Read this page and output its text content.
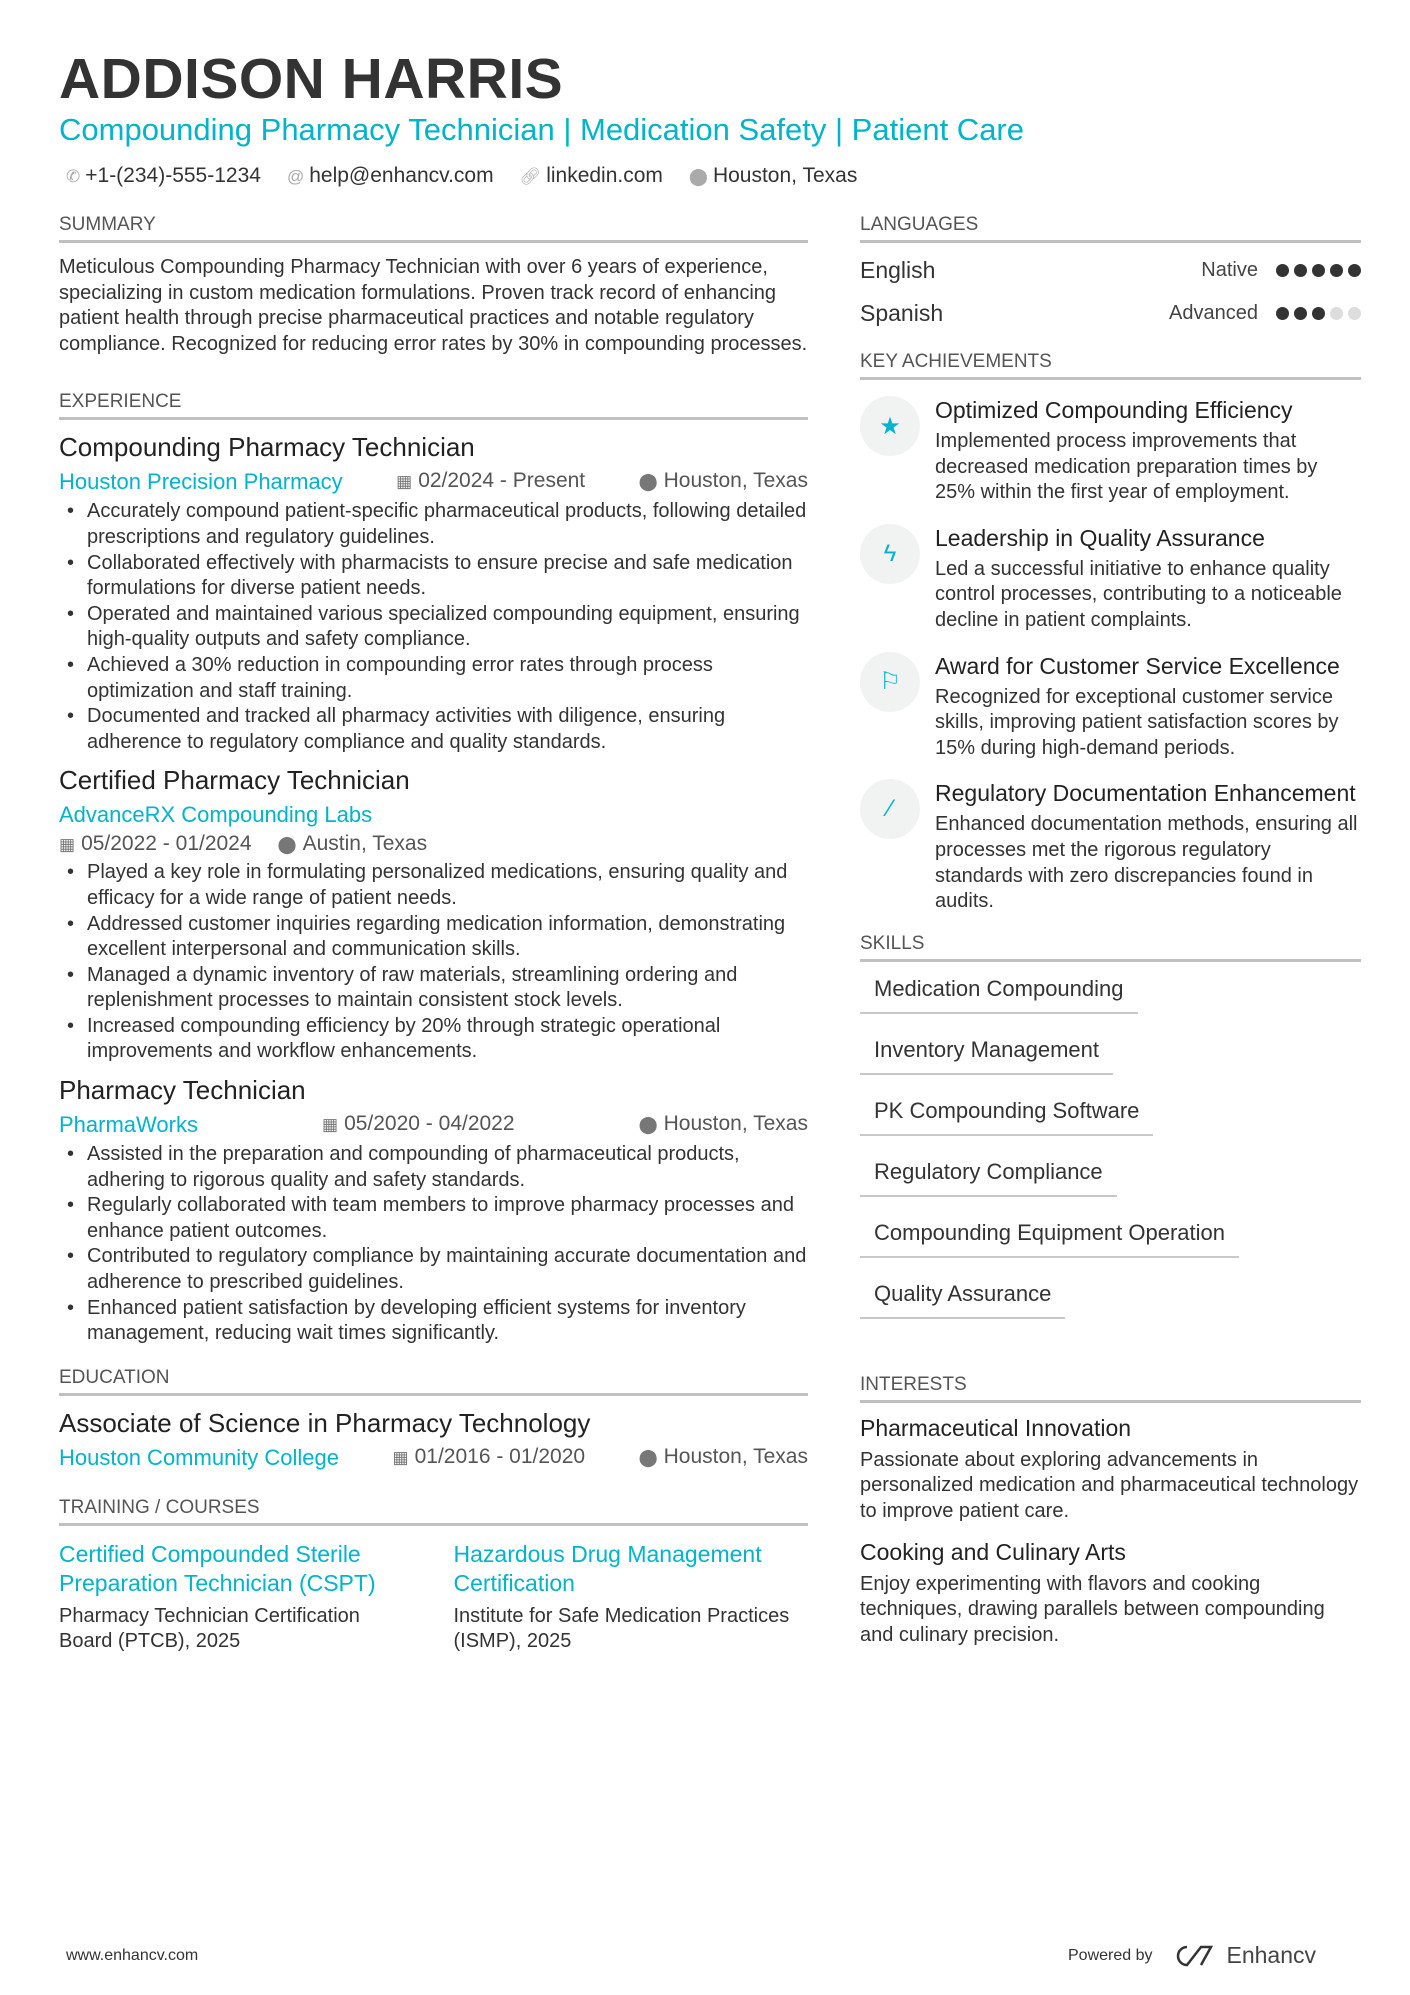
ADDISON HARRIS
Compounding Pharmacy Technician | Medication Safety | Patient Care
✆ +1-(234)-555-1234 @ help@enhancv.com 🔗︎ linkedin.com ⬤ Houston, Texas
SUMMARY

Meticulous Compounding Pharmacy Technician with over 6 years of experience, specializing in custom medication formulations. Proven track record of enhancing patient health through precise pharmaceutical practices and notable regulatory compliance. Recognized for reducing error rates by 30% in compounding processes.

EXPERIENCE
Compounding Pharmacy Technician
Houston Precision Pharmacy	▦ 02/2024 - Present	⬤ Houston, Texas
• Accurately compound patient-specific pharmaceutical products, following detailed prescriptions and regulatory guidelines.
• Collaborated effectively with pharmacists to ensure precise and safe medication formulations for diverse patient needs.
• Operated and maintained various specialized compounding equipment, ensuring high-quality outputs and safety compliance.
• Achieved a 30% reduction in compounding error rates through process optimization and staff training.
• Documented and tracked all pharmacy activities with diligence, ensuring adherence to regulatory compliance and quality standards.
Certified Pharmacy Technician
AdvanceRX Compounding Labs
▦ 05/2022 - 01/2024 ⬤ Austin, Texas
• Played a key role in formulating personalized medications, ensuring quality and efficacy for a wide range of patient needs.
• Addressed customer inquiries regarding medication information, demonstrating excellent interpersonal and communication skills.
• Managed a dynamic inventory of raw materials, streamlining ordering and replenishment processes to maintain consistent stock levels.
• Increased compounding efficiency by 20% through strategic operational improvements and workflow enhancements.
Pharmacy Technician
PharmaWorks	▦ 05/2020 - 04/2022	⬤ Houston, Texas
• Assisted in the preparation and compounding of pharmaceutical products, adhering to rigorous quality and safety standards.
• Regularly collaborated with team members to improve pharmacy processes and enhance patient outcomes.
• Contributed to regulatory compliance by maintaining accurate documentation and adherence to prescribed guidelines.
• Enhanced patient satisfaction by developing efficient systems for inventory management, reducing wait times significantly.
EDUCATION
Associate of Science in Pharmacy Technology
Houston Community College	▦ 01/2016 - 01/2020	⬤ Houston, Texas
TRAINING / COURSES
Certified Compounded Sterile Preparation Technician (CSPT)
Pharmacy Technician Certification Board (PTCB), 2025
Hazardous Drug Management Certification
Institute for Safe Medication Practices (ISMP), 2025
LANGUAGES
English	Native
Spanish	Advanced
KEY ACHIEVEMENTS
★
Optimized Compounding Efficiency
Implemented process improvements that decreased medication preparation times by 25% within the first year of employment.
ϟ
Leadership in Quality Assurance
Led a successful initiative to enhance quality control processes, contributing to a noticeable decline in patient complaints.
⚐
Award for Customer Service Excellence
Recognized for exceptional customer service skills, improving patient satisfaction scores by 15% during high-demand periods.
⁄
Regulatory Documentation Enhancement
Enhanced documentation methods, ensuring all processes met the rigorous regulatory standards with zero discrepancies found in audits.
SKILLS
Medication Compounding
Inventory Management
PK Compounding Software
Regulatory Compliance
Compounding Equipment Operation
Quality Assurance
INTERESTS
Pharmaceutical Innovation
Passionate about exploring advancements in personalized medication and pharmaceutical technology to improve patient care.
Cooking and Culinary Arts
Enjoy experimenting with flavors and cooking techniques, drawing parallels between compounding and culinary precision.
www.enhancv.com	Powered by	Enhancv
